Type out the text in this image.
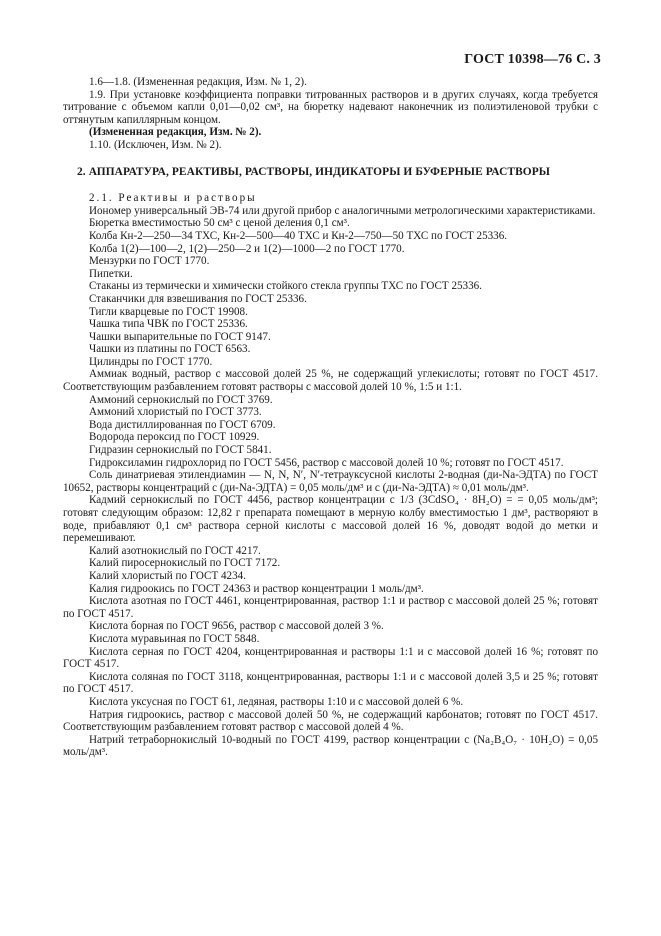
ГОСТ 10398—76 С. 3

1.6—1.8. (Измененная редакция, Изм. № 1, 2).

1.9. При установке коэффициента поправки титрованных растворов и в других случаях, когда требуется титрование с объемом капли 0,01—0,02 см³, на бюретку надевают наконечник из полиэтиленовой трубки с оттянутым капиллярным концом.

(Измененная редакция, Изм. № 2).

1.10. (Исключен, Изм. № 2).

2. АППАРАТУРА, РЕАКТИВЫ, РАСТВОРЫ, ИНДИКАТОРЫ И БУФЕРНЫЕ РАСТВОРЫ

2.1. Реактивы и растворы

Иономер универсальный ЭВ-74 или другой прибор с аналогичными метрологическими характеристиками.

Бюретка вместимостью 50 см³ с ценой деления 0,1 см³.

Колба Кн-2—250—34 ТХС, Кн-2—500—40 ТХС и Кн-2—750—50 ТХС по ГОСТ 25336.

Колба 1(2)—100—2, 1(2)—250—2 и 1(2)—1000—2 по ГОСТ 1770.

Мензурки по ГОСТ 1770.

Пипетки.

Стаканы из термически и химически стойкого стекла группы ТХС по ГОСТ 25336.

Стаканчики для взвешивания по ГОСТ 25336.

Тигли кварцевые по ГОСТ 19908.

Чашка типа ЧВК по ГОСТ 25336.

Чашки выпарительные по ГОСТ 9147.

Чашки из платины по ГОСТ 6563.

Цилиндры по ГОСТ 1770.

Аммиак водный, раствор с массовой долей 25 %, не содержащий углекислоты; готовят по ГОСТ 4517. Соответствующим разбавлением готовят растворы с массовой долей 10 %, 1:5 и 1:1.

Аммоний сернокислый по ГОСТ 3769.

Аммоний хлористый по ГОСТ 3773.

Вода дистиллированная по ГОСТ 6709.

Водорода пероксид по ГОСТ 10929.

Гидразин сернокислый по ГОСТ 5841.

Гидроксиламин гидрохлорид по ГОСТ 5456, раствор с массовой долей 10 %; готовят по ГОСТ 4517.

Соль динатриевая этилендиамин — N, N, N′, N′-тетрауксусной кислоты 2-водная (ди-Na-ЭДТА) по ГОСТ 10652, растворы концентраций с (ди-Na-ЭДТА) = 0,05 моль/дм³ и с (ди-Na-ЭДТА) ≈ 0,01 моль/дм³.

Кадмий сернокислый по ГОСТ 4456, раствор концентрации с 1/3 (3CdSO₄ · 8H₂O) = = 0,05 моль/дм³; готовят следующим образом: 12,82 г препарата помещают в мерную колбу вместимостью 1 дм³, растворяют в воде, прибавляют 0,1 см³ раствора серной кислоты с массовой долей 16 %, доводят водой до метки и перемешивают.

Калий азотнокислый по ГОСТ 4217.

Калий пиросернокислый по ГОСТ 7172.

Калий хлористый по ГОСТ 4234.

Калия гидроокись по ГОСТ 24363 и раствор концентрации 1 моль/дм³.

Кислота азотная по ГОСТ 4461, концентрированная, раствор 1:1 и раствор с массовой долей 25 %; готовят по ГОСТ 4517.

Кислота борная по ГОСТ 9656, раствор с массовой долей 3 %.

Кислота муравьиная по ГОСТ 5848.

Кислота серная по ГОСТ 4204, концентрированная и растворы 1:1 и с массовой долей 16 %; готовят по ГОСТ 4517.

Кислота соляная по ГОСТ 3118, концентрированная, растворы 1:1 и с массовой долей 3,5 и 25 %; готовят по ГОСТ 4517.

Кислота уксусная по ГОСТ 61, ледяная, растворы 1:10 и с массовой долей 6 %.

Натрия гидроокись, раствор с массовой долей 50 %, не содержащий карбонатов; готовят по ГОСТ 4517. Соответствующим разбавлением готовят раствор с массовой долей 4 %.

Натрий тетраборнокислый 10-водный по ГОСТ 4199, раствор концентрации с (Na₂B₄O₇ · 10H₂O) = 0,05 моль/дм³.
